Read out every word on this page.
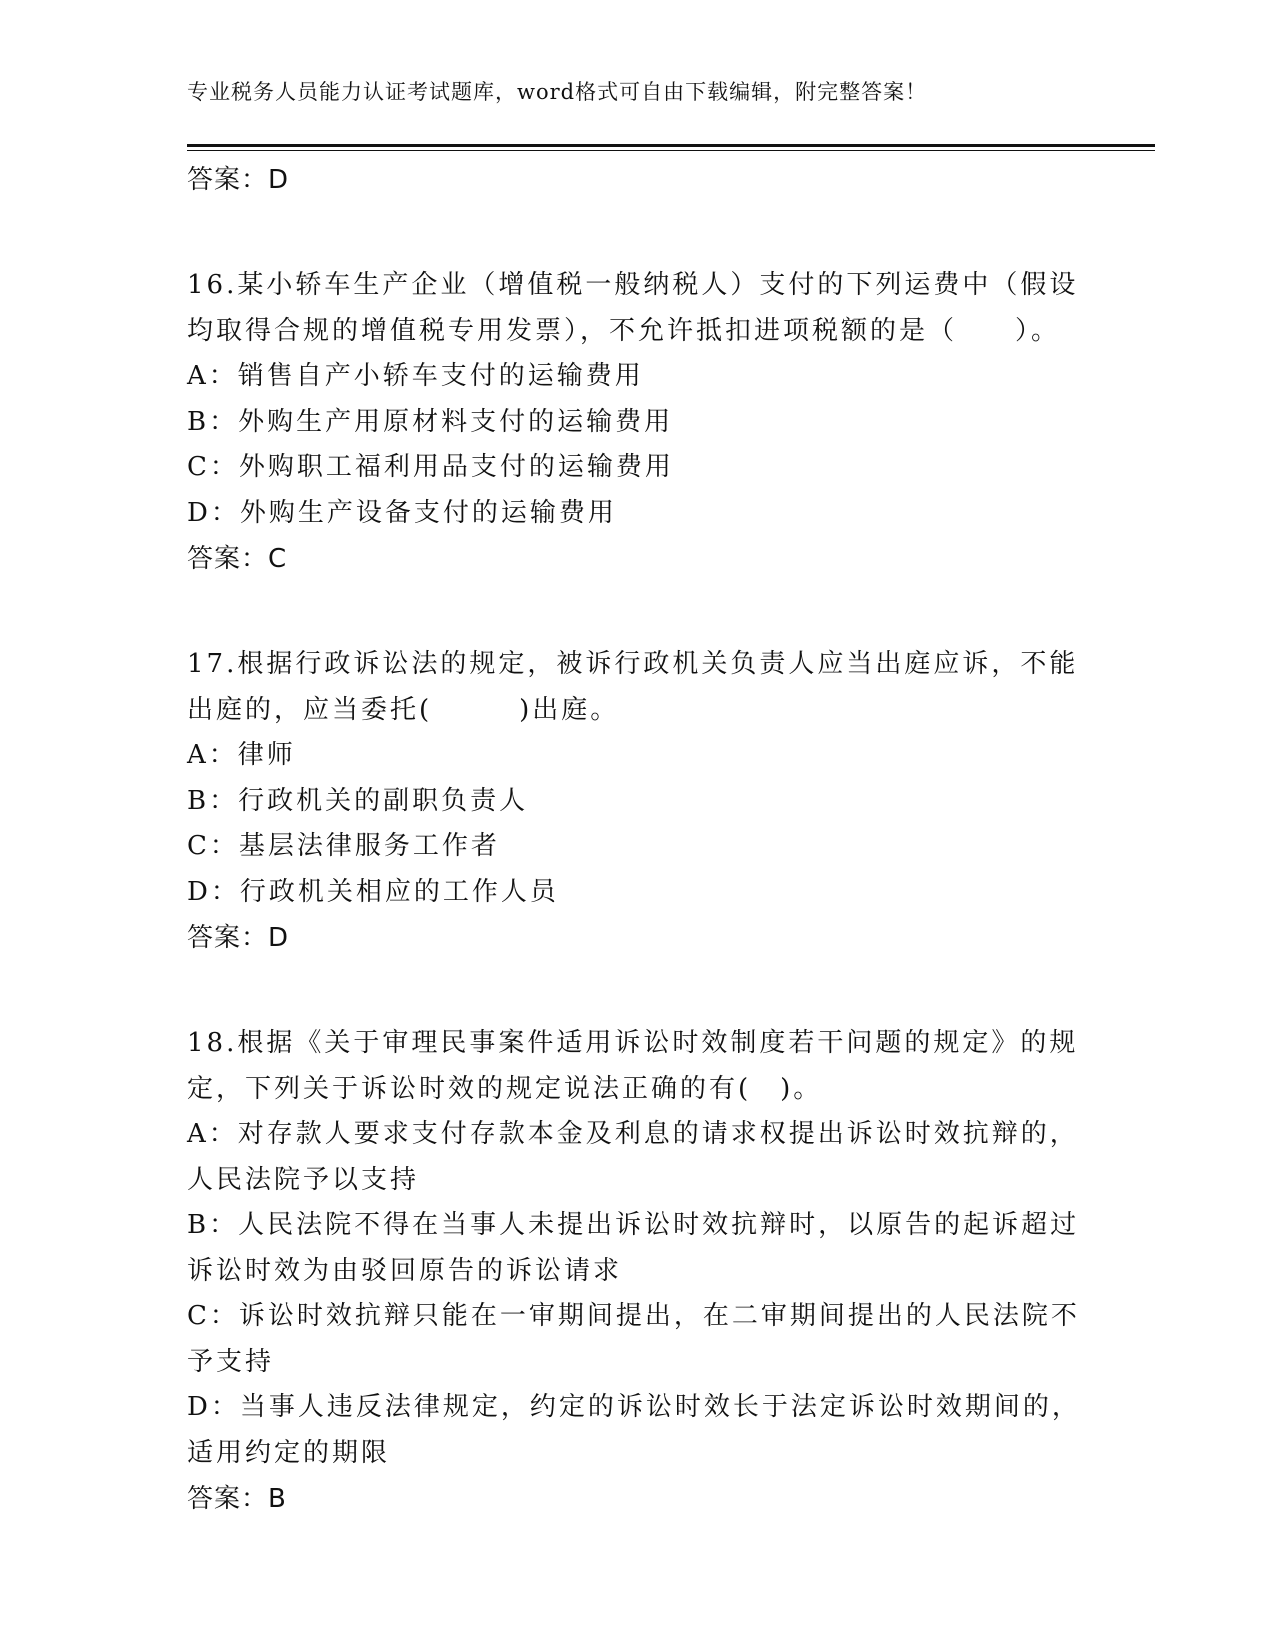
专业税务人员能力认证考试题库，word格式可自由下载编辑，附完整答案！
答案：D
16.某小轿车生产企业（增值税一般纳税人）支付的下列运费中（假设均取得合规的增值税专用发票），不允许抵扣进项税额的是（　　）。
A：销售自产小轿车支付的运输费用
B：外购生产用原材料支付的运输费用
C：外购职工福利用品支付的运输费用
D：外购生产设备支付的运输费用
答案：C
17.根据行政诉讼法的规定，被诉行政机关负责人应当出庭应诉，不能出庭的，应当委托(　　　)出庭。
A：律师
B：行政机关的副职负责人
C：基层法律服务工作者
D：行政机关相应的工作人员
答案：D
18.根据《关于审理民事案件适用诉讼时效制度若干问题的规定》的规定，下列关于诉讼时效的规定说法正确的有(　)。
A：对存款人要求支付存款本金及利息的请求权提出诉讼时效抗辩的，人民法院予以支持
B：人民法院不得在当事人未提出诉讼时效抗辩时，以原告的起诉超过诉讼时效为由驳回原告的诉讼请求
C：诉讼时效抗辩只能在一审期间提出，在二审期间提出的人民法院不予支持
D：当事人违反法律规定，约定的诉讼时效长于法定诉讼时效期间的，适用约定的期限
答案：B
